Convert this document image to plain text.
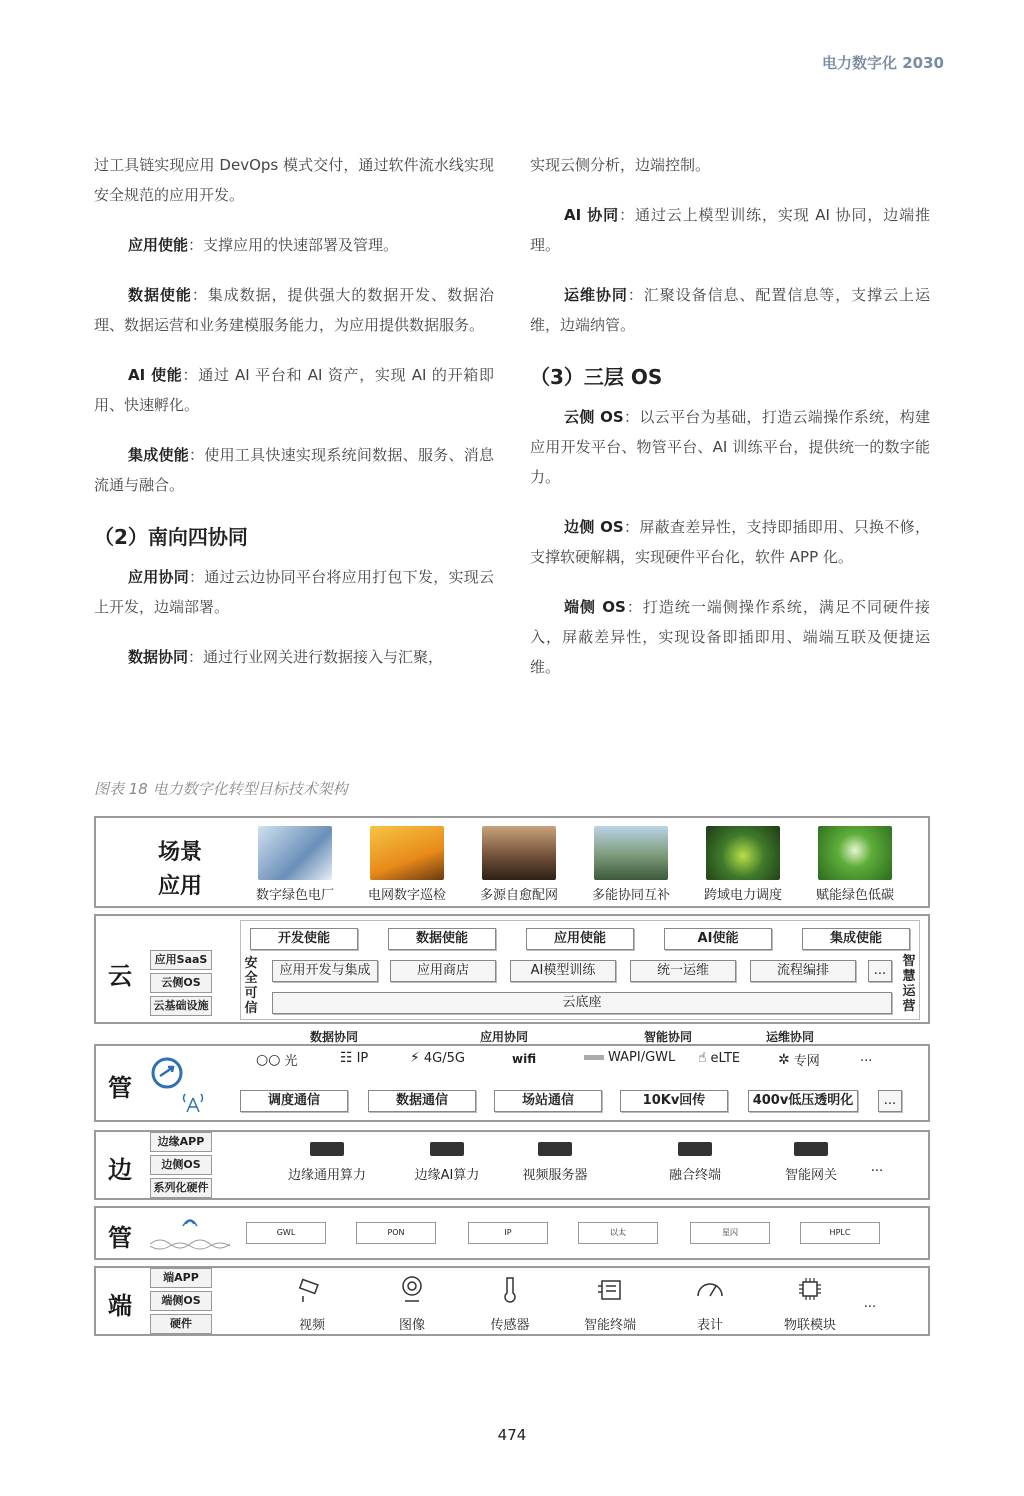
电力数字化 2030

过工具链实现应用 DevOps 模式交付，通过软件流水线实现安全规范的应用开发。

应用使能：支撑应用的快速部署及管理。

数据使能：集成数据，提供强大的数据开发、数据治理、数据运营和业务建模服务能力，为应用提供数据服务。

AI 使能：通过 AI 平台和 AI 资产，实现 AI 的开箱即用、快速孵化。

集成使能：使用工具快速实现系统间数据、服务、消息流通与融合。

（2）南向四协同

应用协同：通过云边协同平台将应用打包下发，实现云上开发，边端部署。

数据协同：通过行业网关进行数据接入与汇聚，

实现云侧分析，边端控制。

AI 协同：通过云上模型训练，实现 AI 协同，边端推理。

运维协同：汇聚设备信息、配置信息等，支撑云上运维，边端纳管。

（3）三层 OS

云侧 OS：以云平台为基础，打造云端操作系统，构建应用开发平台、物管平台、AI 训练平台，提供统一的数字能力。

边侧 OS：屏蔽查差异性，支持即插即用、只换不修，支撑软硬解耦，实现硬件平台化，软件 APP 化。

端侧 OS：打造统一端侧操作系统，满足不同硬件接入，屏蔽差异性，实现设备即插即用、端端互联及便捷运维。

图表 18 电力数字化转型目标技术架构
场景
应用	数字绿色电厂	电网数字巡检	多源自愈配网	多能协同互补	跨域电力调度	赋能绿色低碳
云
应用SaaS
云侧OS
云基础设施
开发使能	数据使能	应用使能	AI使能	集成使能
安
全
可
信
应用开发与集成	应用商店	AI模型训练	统一运维	流程编排	...
云底座
智
慧
运
营
数据协同	应用协同	智能协同	运维协同
管
○○ 光	☷ IP	⚡ 4G/5G	wifi	WAPI/GWL ☝ eLTE	✲ 专网	...
调度通信	数据通信	场站通信	10Kv回传	400v低压透明化	...
边
边缘APP
边侧OS
系列化硬件
边缘通用算力	边缘AI算力	视频服务器	融合终端	智能网关
...
管	GWL	PON	IP	以太	星闪	HPLC
端
端APP
端侧OS
硬件	视频	图像	传感器	智能终端	表计	物联模块
...
474
